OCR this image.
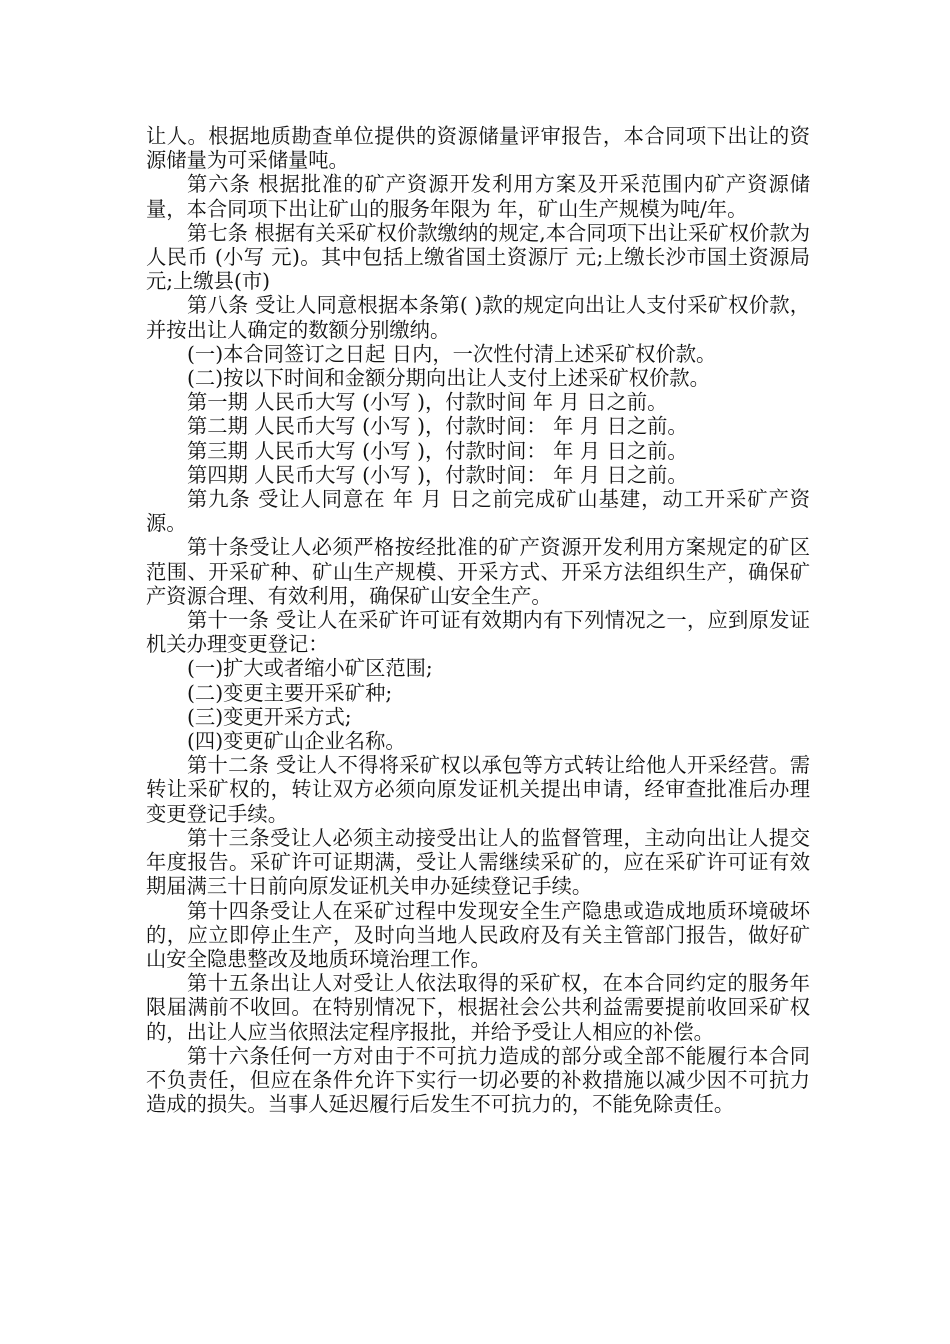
让人。根据地质勘查单位提供的资源储量评审报告，本合同项下出让的资源储量为可采储量吨。

第六条 根据批准的矿产资源开发利用方案及开采范围内矿产资源储量，本合同项下出让矿山的服务年限为 年，矿山生产规模为吨/年。

第七条 根据有关采矿权价款缴纳的规定,本合同项下出让采矿权价款为人民币 (小写 元)。其中包括上缴省国土资源厅 元;上缴长沙市国土资源局 元;上缴县(市)

第八条 受让人同意根据本条第( )款的规定向出让人支付采矿权价款，并按出让人确定的数额分别缴纳。

(一)本合同签订之日起 日内，一次性付清上述采矿权价款。

(二)按以下时间和金额分期向出让人支付上述采矿权价款。

第一期 人民币大写 (小写 )，付款时间 年 月 日之前。

第二期 人民币大写 (小写 )，付款时间： 年 月 日之前。

第三期 人民币大写 (小写 )，付款时间： 年 月 日之前。

第四期 人民币大写 (小写 )，付款时间： 年 月 日之前。

第九条 受让人同意在 年 月 日之前完成矿山基建，动工开采矿产资源。

第十条受让人必须严格按经批准的矿产资源开发利用方案规定的矿区范围、开采矿种、矿山生产规模、开采方式、开采方法组织生产，确保矿产资源合理、有效利用，确保矿山安全生产。

第十一条 受让人在采矿许可证有效期内有下列情况之一，应到原发证机关办理变更登记：

(一)扩大或者缩小矿区范围;

(二)变更主要开采矿种;

(三)变更开采方式;

(四)变更矿山企业名称。

第十二条 受让人不得将采矿权以承包等方式转让给他人开采经营。需转让采矿权的，转让双方必须向原发证机关提出申请，经审查批准后办理变更登记手续。

第十三条受让人必须主动接受出让人的监督管理，主动向出让人提交年度报告。采矿许可证期满，受让人需继续采矿的，应在采矿许可证有效期届满三十日前向原发证机关申办延续登记手续。

第十四条受让人在采矿过程中发现安全生产隐患或造成地质环境破坏的，应立即停止生产，及时向当地人民政府及有关主管部门报告，做好矿山安全隐患整改及地质环境治理工作。

第十五条出让人对受让人依法取得的采矿权，在本合同约定的服务年限届满前不收回。在特别情况下，根据社会公共利益需要提前收回采矿权的，出让人应当依照法定程序报批，并给予受让人相应的补偿。

第十六条任何一方对由于不可抗力造成的部分或全部不能履行本合同不负责任，但应在条件允许下实行一切必要的补救措施以减少因不可抗力造成的损失。当事人延迟履行后发生不可抗力的，不能免除责任。
